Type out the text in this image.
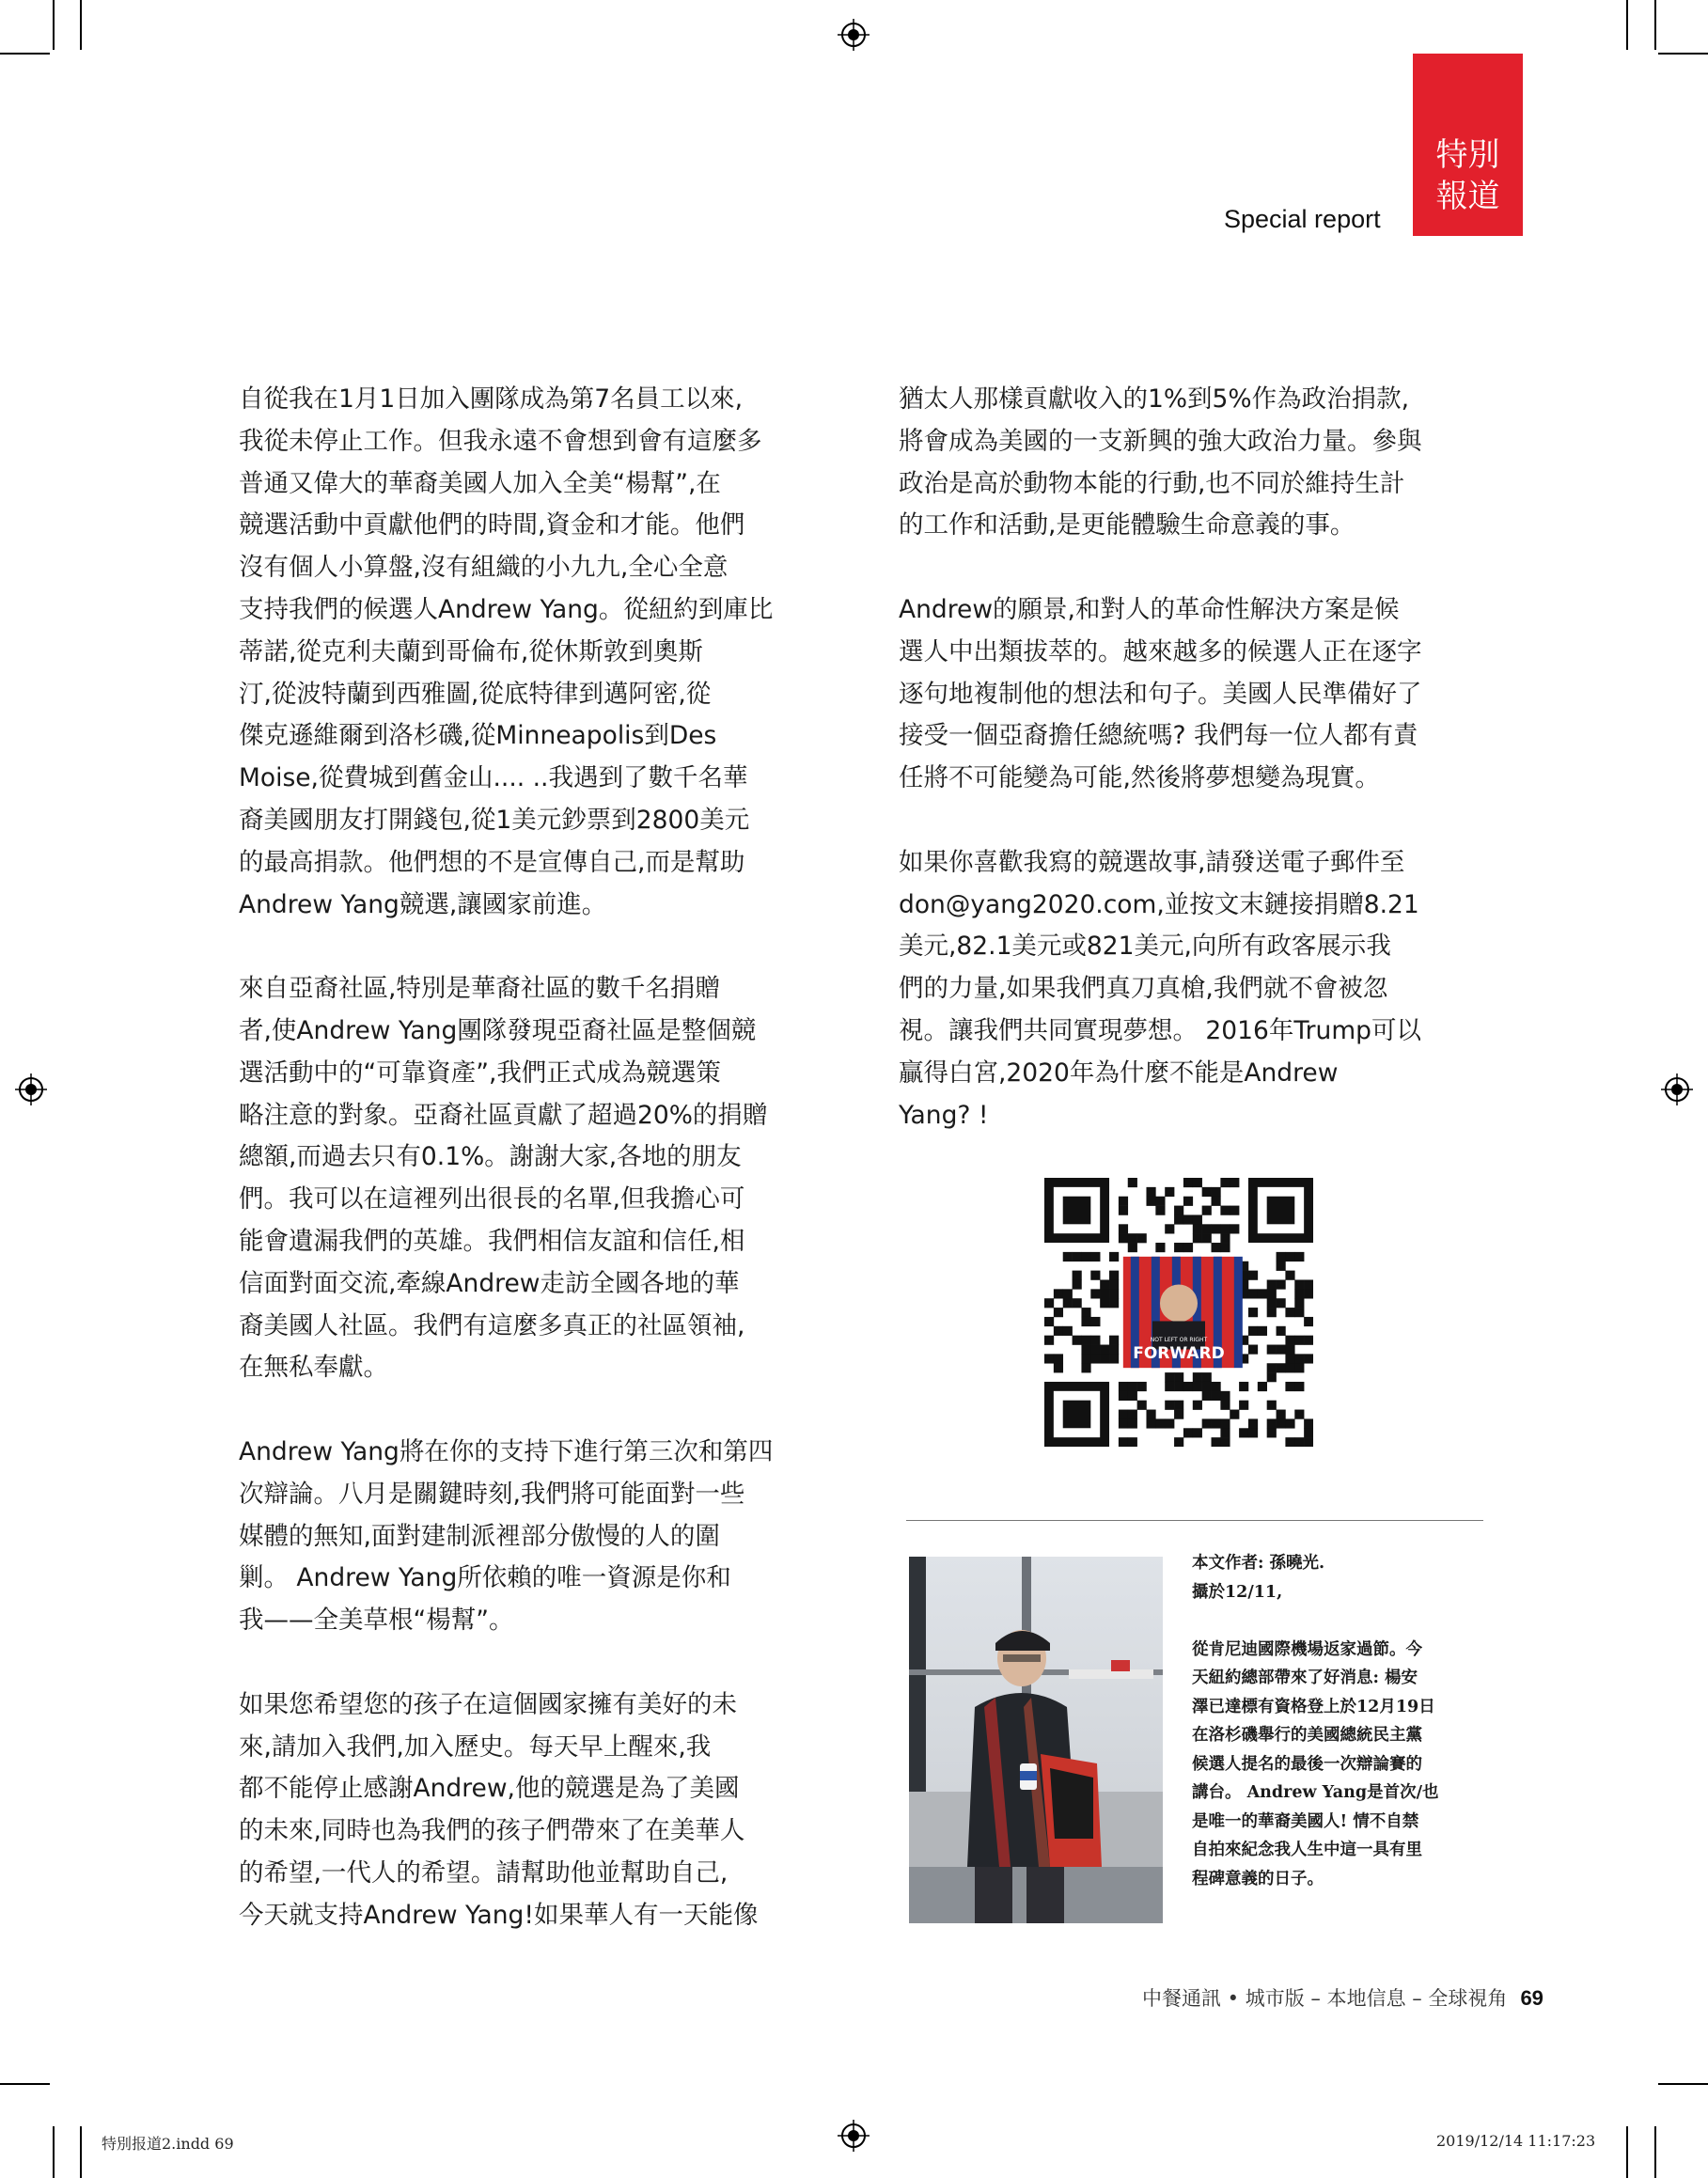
特別
報道
Special report

自從我在1月1日加入團隊成為第7名員工以來,
我從未停止工作。但我永遠不會想到會有這麼多
普通又偉大的華裔美國人加入全美“楊幫”,在
競選活動中貢獻他們的時間,資金和才能。他們
沒有個人小算盤,沒有組織的小九九,全心全意
支持我們的候選人Andrew Yang。從紐約到庫比
蒂諾,從克利夫蘭到哥倫布,從休斯敦到奧斯
汀,從波特蘭到西雅圖,從底特律到邁阿密,從
傑克遜維爾到洛杉磯,從Minneapolis到Des
Moise,從費城到舊金山.... ..我遇到了數千名華
裔美國朋友打開錢包,從1美元鈔票到2800美元
的最高捐款。他們想的不是宣傳自己,而是幫助
Andrew Yang競選,讓國家前進。

來自亞裔社區,特別是華裔社區的數千名捐贈
者,使Andrew Yang團隊發現亞裔社區是整個競
選活動中的“可靠資產”,我們正式成為競選策
略注意的對象。亞裔社區貢獻了超過20%的捐贈
總額,而過去只有0.1%。謝謝大家,各地的朋友
們。我可以在這裡列出很長的名單,但我擔心可
能會遺漏我們的英雄。我們相信友誼和信任,相
信面對面交流,牽線Andrew走訪全國各地的華
裔美國人社區。我們有這麼多真正的社區領袖,
在無私奉獻。

Andrew Yang將在你的支持下進行第三次和第四
次辯論。八月是關鍵時刻,我們將可能面對一些
媒體的無知,面對建制派裡部分傲慢的人的圍
剿。 Andrew Yang所依賴的唯一資源是你和
我——全美草根“楊幫”。

如果您希望您的孩子在這個國家擁有美好的未
來,請加入我們,加入歷史。每天早上醒來,我
都不能停止感謝Andrew,他的競選是為了美國
的未來,同時也為我們的孩子們帶來了在美華人
的希望,一代人的希望。請幫助他並幫助自己,
今天就支持Andrew Yang!如果華人有一天能像

猶太人那樣貢獻收入的1%到5%作為政治捐款,
將會成為美國的一支新興的強大政治力量。參與
政治是高於動物本能的行動,也不同於維持生計
的工作和活動,是更能體驗生命意義的事。

Andrew的願景,和對人的革命性解決方案是候
選人中出類拔萃的。越來越多的候選人正在逐字
逐句地複制他的想法和句子。美國人民準備好了
接受一個亞裔擔任總統嗎? 我們每一位人都有責
任將不可能變為可能,然後將夢想變為現實。

如果你喜歡我寫的競選故事,請發送電子郵件至
don@yang2020.com,並按文末鏈接捐贈8.21
美元,82.1美元或821美元,向所有政客展示我
們的力量,如果我們真刀真槍,我們就不會被忽
視。讓我們共同實現夢想。 2016年Trump可以
贏得白宮,2020年為什麼不能是Andrew
Yang? !

NOT LEFT OR RIGHT
FORWARD
本文作者: 孫曉光.
攝於12/11,

從肯尼迪國際機場返家過節。今
天紐約總部帶來了好消息: 楊安
澤已達標有資格登上於12月19日
在洛杉磯舉行的美國總統民主黨
候選人提名的最後一次辯論賽的
講台。 Andrew Yang是首次/也
是唯一的華裔美國人! 情不自禁
自拍來紀念我人生中這一具有里
程碑意義的日子。
中餐通訊 • 城市版 – 本地信息 – 全球視角 69
特別报道2.indd 69	2019/12/14 11:17:23
